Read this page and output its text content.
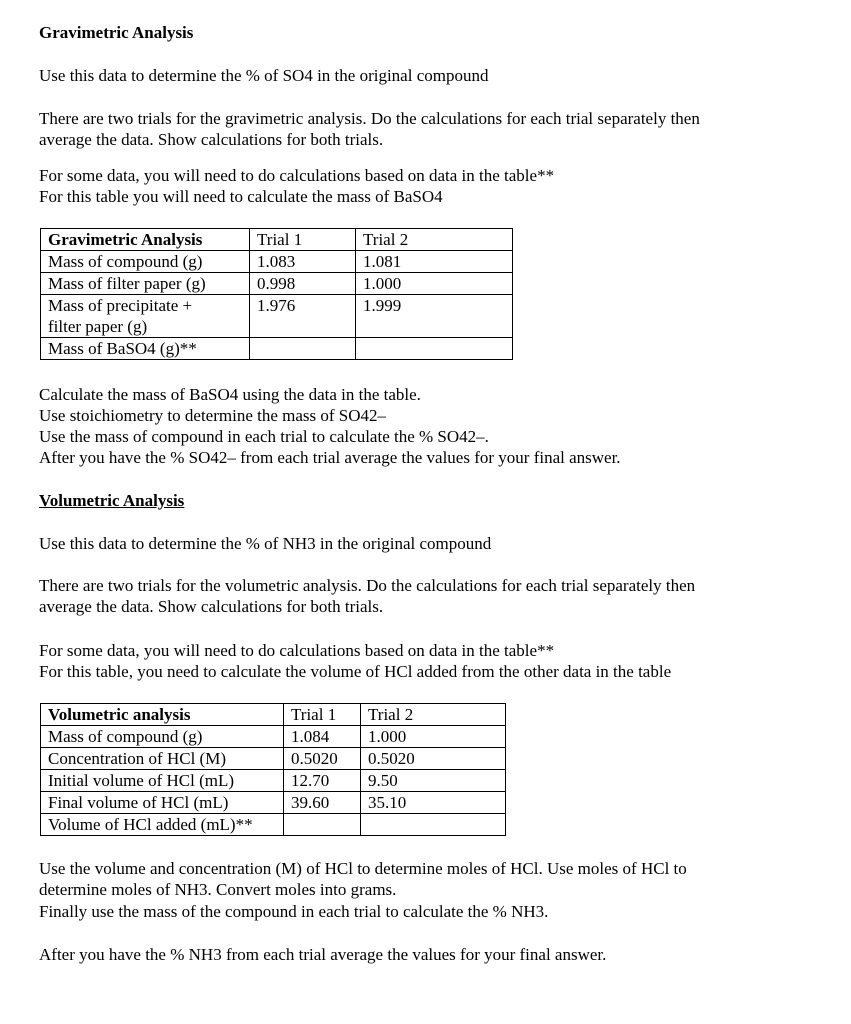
Gravimetric Analysis
Use this data to determine the % of SO4 in the original compound
There are two trials for the gravimetric analysis. Do the calculations for each trial separately then
average the data. Show calculations for both trials.
For some data, you will need to do calculations based on data in the table**
For this table you will need to calculate the mass of BaSO4
Gravimetric Analysis	Trial 1	Trial 2
Mass of compound (g)	1.083	1.081
Mass of filter paper (g)	0.998	1.000
Mass of precipitate +	1.976	1.999
filter paper (g)		
Mass of BaSO4 (g)**		
Calculate the mass of BaSO4 using the data in the table.
Use stoichiometry to determine the mass of SO42–
Use the mass of compound in each trial to calculate the % SO42–.
After you have the % SO42– from each trial average the values for your final answer.
Volumetric Analysis
Use this data to determine the % of NH3 in the original compound
There are two trials for the volumetric analysis. Do the calculations for each trial separately then
average the data. Show calculations for both trials.
For some data, you will need to do calculations based on data in the table**
For this table, you need to calculate the volume of HCl added from the other data in the table
Volumetric analysis	Trial 1	Trial 2
Mass of compound (g)	1.084	1.000
Concentration of HCl (M)	0.5020	0.5020
Initial volume of HCl (mL)	12.70	9.50
Final volume of HCl (mL)	39.60	35.10
Volume of HCl added (mL)**		
Use the volume and concentration (M) of HCl to determine moles of HCl. Use moles of HCl to
determine moles of NH3. Convert moles into grams.
Finally use the mass of the compound in each trial to calculate the % NH3.
After you have the % NH3 from each trial average the values for your final answer.
